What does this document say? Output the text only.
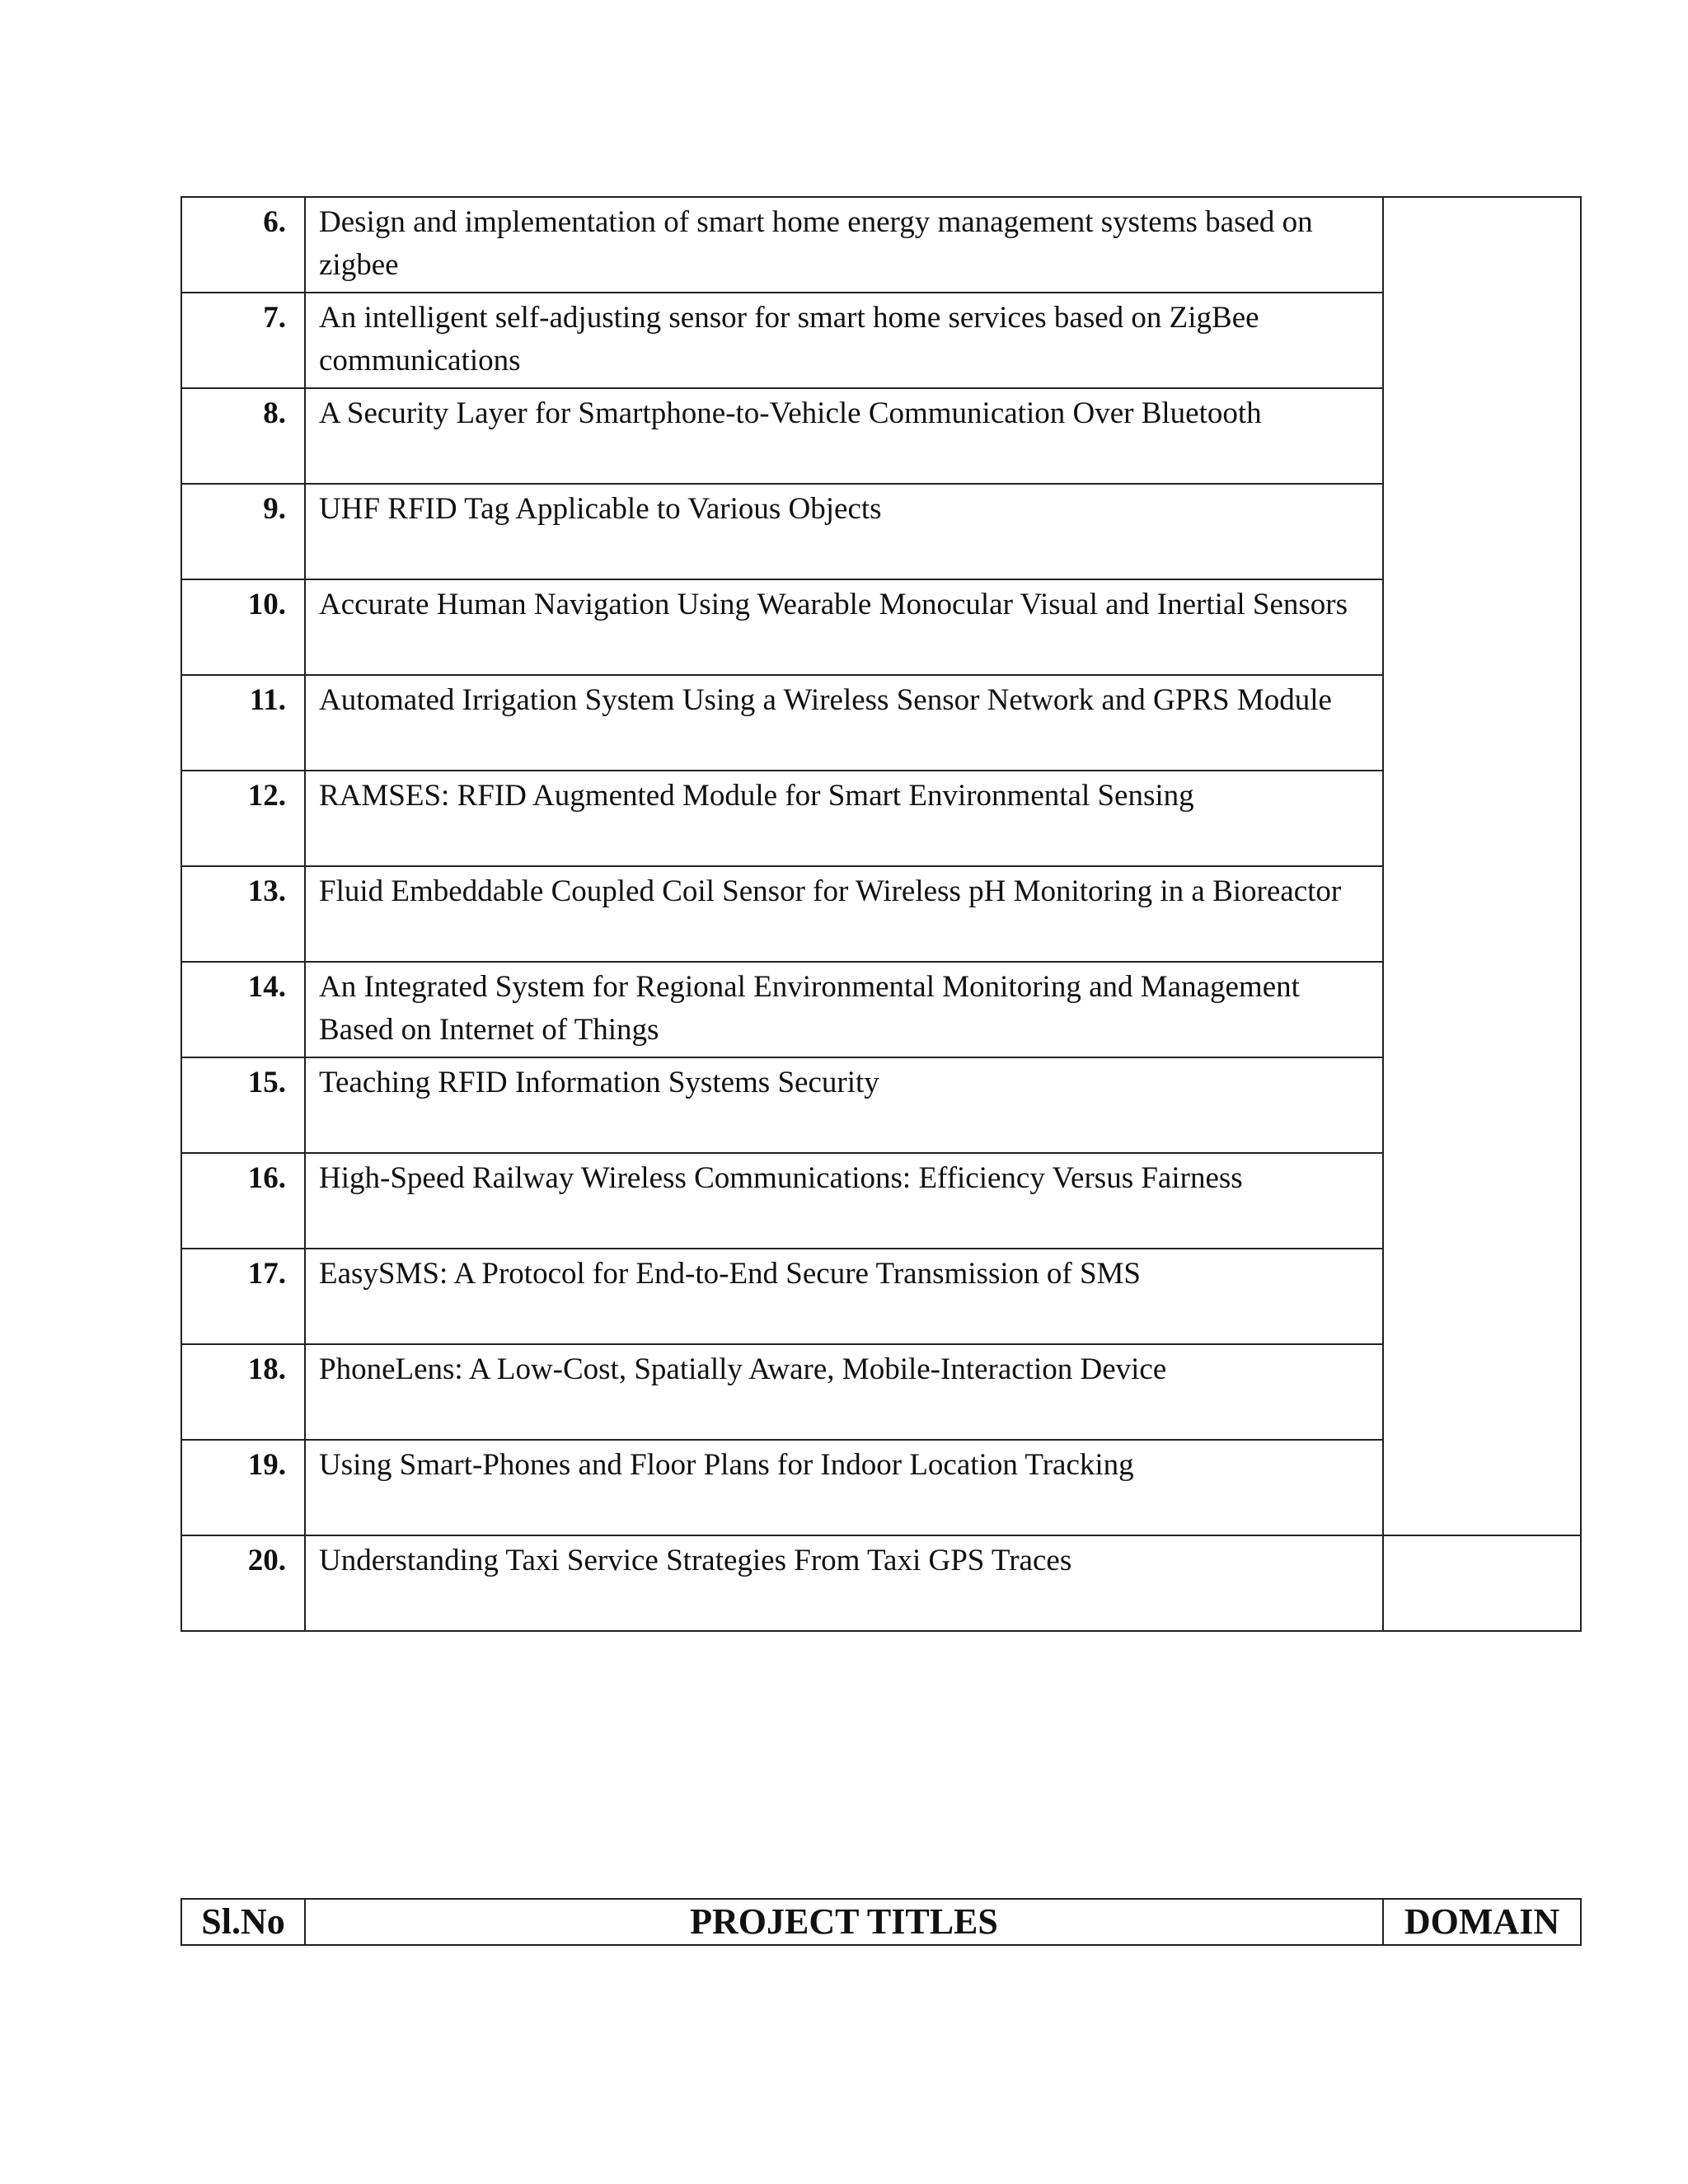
6.	Design and implementation of smart home energy management systems based on zigbee	
7.	An intelligent self-adjusting sensor for smart home services based on ZigBee communications	
8.	A Security Layer for Smartphone-to-Vehicle Communication Over Bluetooth	
9.	UHF RFID Tag Applicable to Various Objects	
10.	Accurate Human Navigation Using Wearable Monocular Visual and Inertial Sensors	
11.	Automated Irrigation System Using a Wireless Sensor Network and GPRS Module	
12.	RAMSES: RFID Augmented Module for Smart Environmental Sensing	
13.	Fluid Embeddable Coupled Coil Sensor for Wireless pH Monitoring in a Bioreactor	
14.	An Integrated System for Regional Environmental Monitoring and Management Based on Internet of Things	
15.	Teaching RFID Information Systems Security	
16.	High-Speed Railway Wireless Communications: Efficiency Versus Fairness	
17.	EasySMS: A Protocol for End-to-End Secure Transmission of SMS	
18.	PhoneLens: A Low-Cost, Spatially Aware, Mobile-Interaction Device	
19.	Using Smart-Phones and Floor Plans for Indoor Location Tracking	
20.	Understanding Taxi Service Strategies From Taxi GPS Traces	
Sl.No	PROJECT TITLES	DOMAIN
